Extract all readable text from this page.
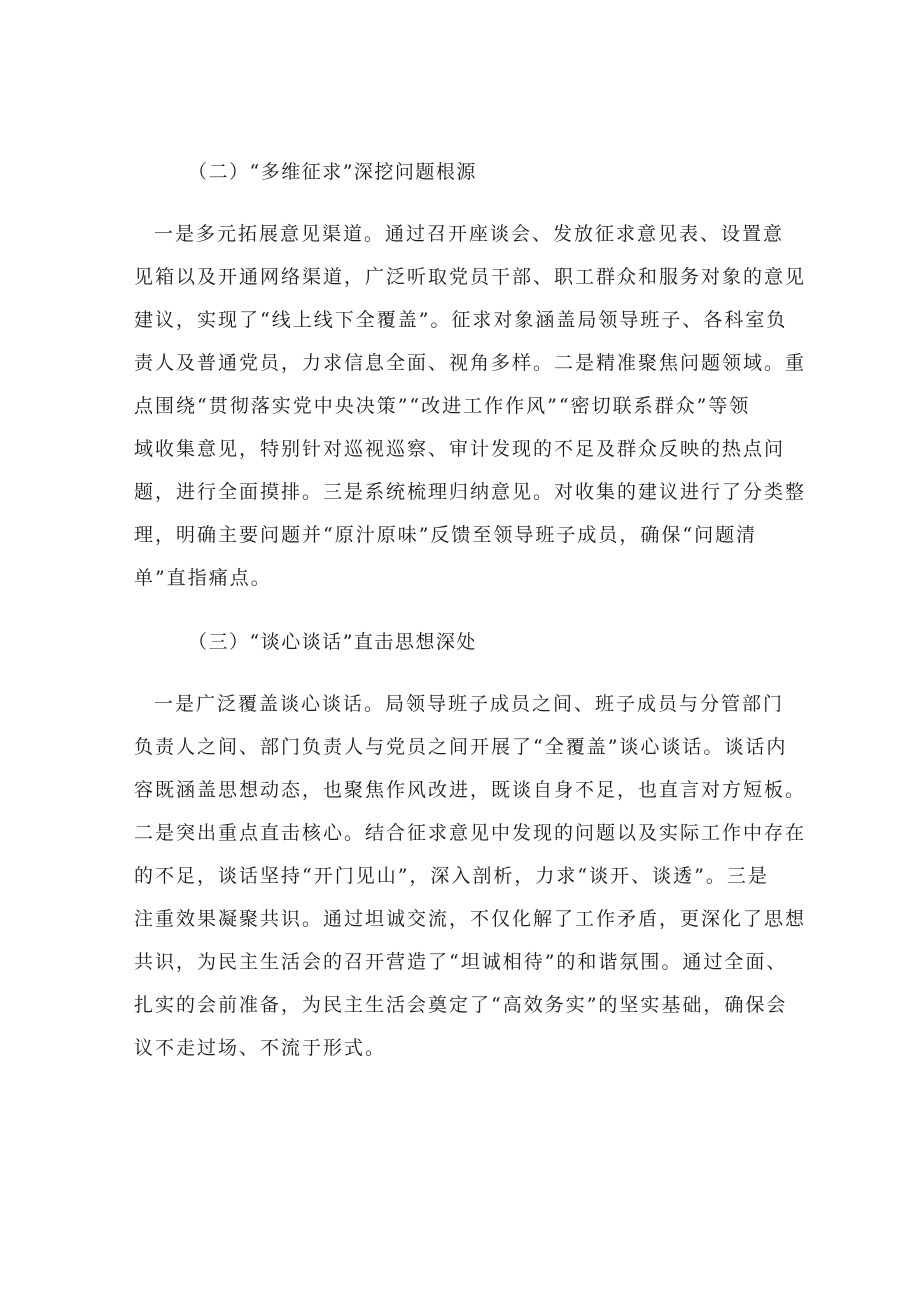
（二）“多维征求”深挖问题根源
一是多元拓展意见渠道。通过召开座谈会、发放征求意见表、设置意
见箱以及开通网络渠道，广泛听取党员干部、职工群众和服务对象的意见
建议，实现了“线上线下全覆盖”。征求对象涵盖局领导班子、各科室负
责人及普通党员，力求信息全面、视角多样。二是精准聚焦问题领域。重
点围绕“贯彻落实党中央决策”“改进工作作风”“密切联系群众”等领
域收集意见，特别针对巡视巡察、审计发现的不足及群众反映的热点问
题，进行全面摸排。三是系统梳理归纳意见。对收集的建议进行了分类整
理，明确主要问题并“原汁原味”反馈至领导班子成员，确保“问题清
单”直指痛点。
（三）“谈心谈话”直击思想深处
一是广泛覆盖谈心谈话。局领导班子成员之间、班子成员与分管部门
负责人之间、部门负责人与党员之间开展了“全覆盖”谈心谈话。谈话内
容既涵盖思想动态，也聚焦作风改进，既谈自身不足，也直言对方短板。
二是突出重点直击核心。结合征求意见中发现的问题以及实际工作中存在
的不足，谈话坚持“开门见山”，深入剖析，力求“谈开、谈透”。三是
注重效果凝聚共识。通过坦诚交流，不仅化解了工作矛盾，更深化了思想
共识，为民主生活会的召开营造了“坦诚相待”的和谐氛围。通过全面、
扎实的会前准备，为民主生活会奠定了“高效务实”的坚实基础，确保会
议不走过场、不流于形式。
